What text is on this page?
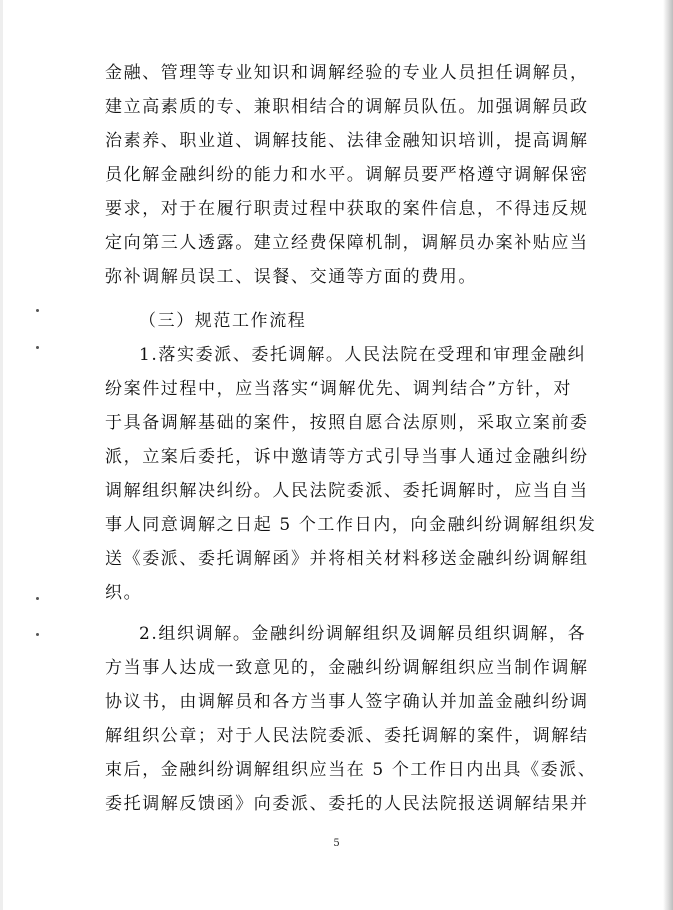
金融、管理等专业知识和调解经验的专业人员担任调解员，
建立高素质的专、兼职相结合的调解员队伍。加强调解员政
治素养、职业道、调解技能、法律金融知识培训，提高调解
员化解金融纠纷的能力和水平。调解员要严格遵守调解保密
要求，对于在履行职责过程中获取的案件信息，不得违反规
定向第三人透露。建立经费保障机制，调解员办案补贴应当
弥补调解员误工、误餐、交通等方面的费用。
（三）规范工作流程
1.落实委派、委托调解。人民法院在受理和审理金融纠
纷案件过程中，应当落实“调解优先、调判结合”方针，对
于具备调解基础的案件，按照自愿合法原则，采取立案前委
派，立案后委托，诉中邀请等方式引导当事人通过金融纠纷
调解组织解决纠纷。人民法院委派、委托调解时，应当自当
事人同意调解之日起 5 个工作日内，向金融纠纷调解组织发
送《委派、委托调解函》并将相关材料移送金融纠纷调解组
织。
2.组织调解。金融纠纷调解组织及调解员组织调解，各
方当事人达成一致意见的，金融纠纷调解组织应当制作调解
协议书，由调解员和各方当事人签字确认并加盖金融纠纷调
解组织公章；对于人民法院委派、委托调解的案件，调解结
束后，金融纠纷调解组织应当在 5 个工作日内出具《委派、
委托调解反馈函》向委派、委托的人民法院报送调解结果并
5
